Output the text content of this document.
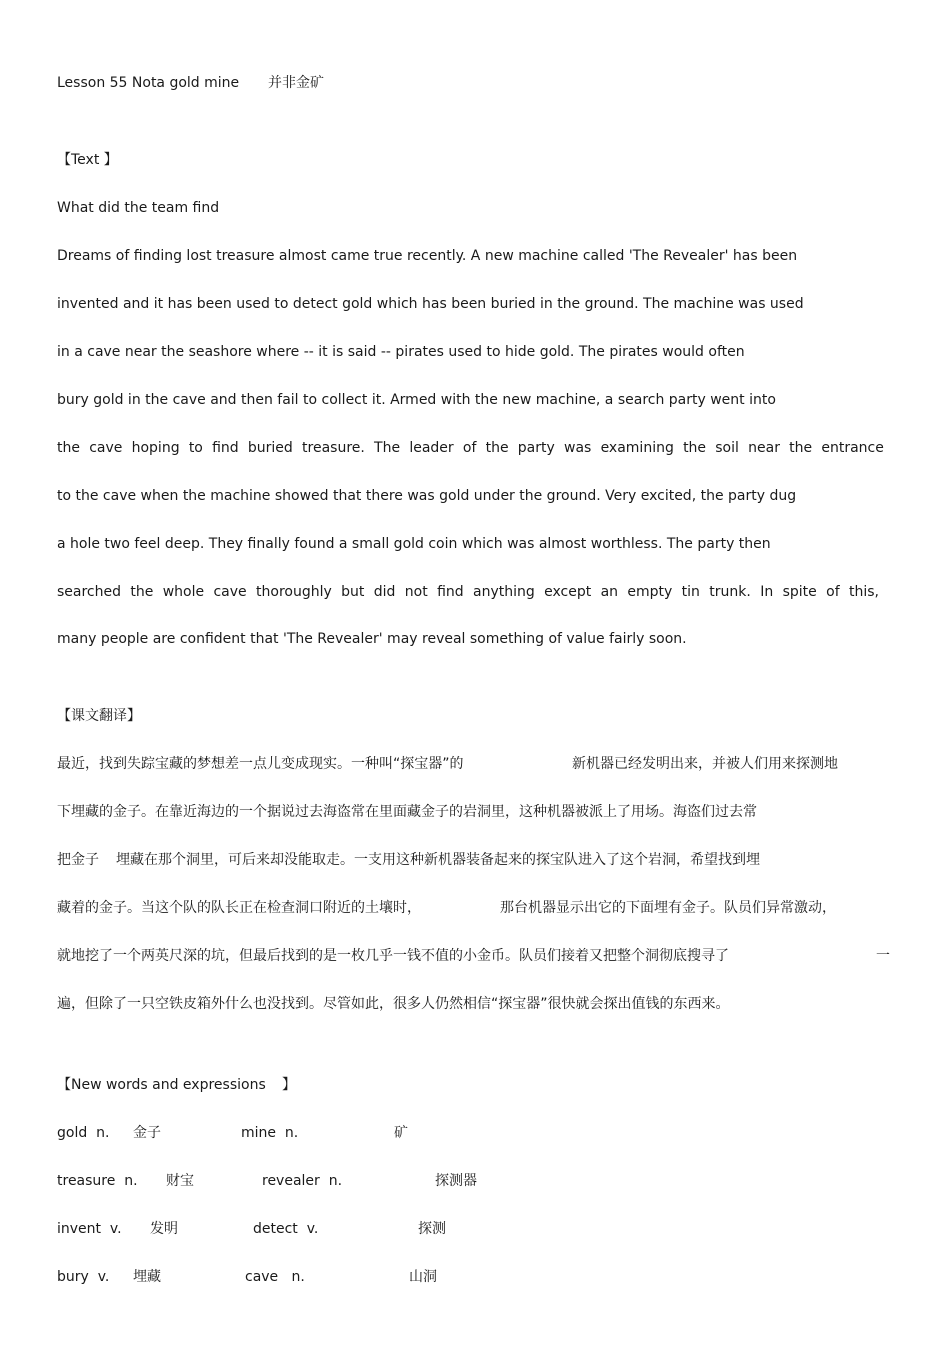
Lesson 55 Nota gold mine 并非金矿
【Text 】
What did the team find
Dreams of finding lost treasure almost came true recently. A new machine called 'The Revealer' has been
invented and it has been used to detect gold which has been buried in the ground. The machine was used
in a cave near the seashore where -- it is said -- pirates used to hide gold. The pirates would often
bury gold in the cave and then fail to collect it. Armed with the new machine, a search party went into
the cave hoping to find buried treasure. The leader of the party was examining the soil near the entrance
to the cave when the machine showed that there was gold under the ground. Very excited, the party dug
a hole two feel deep. They finally found a small gold coin which was almost worthless. The party then
searched the whole cave thoroughly but did not find anything except an empty tin trunk. In spite of this,
many people are confident that 'The Revealer' may reveal something of value fairly soon.
【课文翻译】
最近，找到失踪宝藏的梦想差一点儿变成现实。一种叫“探宝器”的	新机器已经发明出来，并被人们用来探测地
下埋藏的金子。在靠近海边的一个据说过去海盗常在里面藏金子的岩洞里，这种机器被派上了用场。海盗们过去常
把金子 埋藏在那个洞里，可后来却没能取走。一支用这种新机器装备起来的探宝队进入了这个岩洞，希望找到埋
藏着的金子。当这个队的队长正在检查洞口附近的土壤时，	那台机器显示出它的下面埋有金子。队员们异常激动，
就地挖了一个两英尺深的坑，但最后找到的是一枚几乎一钱不值的小金币。队员们接着又把整个洞彻底搜寻了	一
遍，但除了一只空铁皮箱外什么也没找到。尽管如此，很多人仍然相信“探宝器”很快就会探出值钱的东西来。
【New words and expressions 】
gold  n. 金子	mine  n.	矿
treasure  n. 财宝	revealer  n.	探测器
invent  v. 发明	detect  v.	探测
bury  v. 埋藏	cave   n.	山洞
